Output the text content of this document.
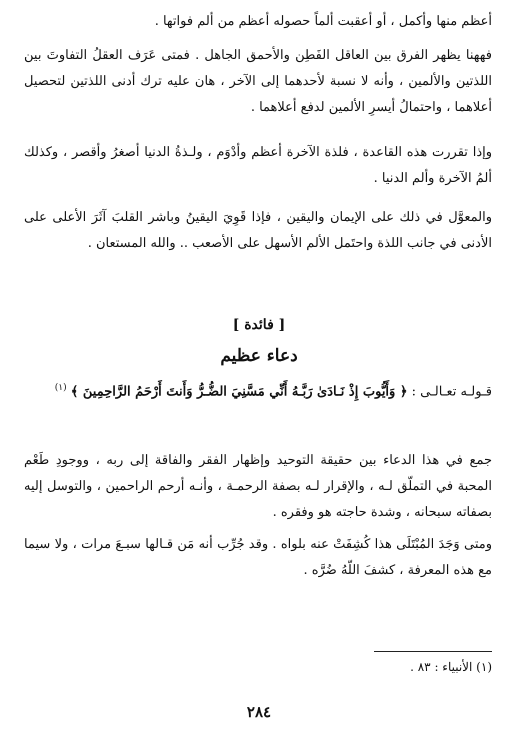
أعظم منها وأكمل ، أو أعقبت ألماً حصوله أعظم من ألم فواتها .

فههنا يظهر الفرق بين العاقل الفَطِن والأحمق الجاهل . فمتى عَرَف العقلُ التفاوتَ بين اللذتين والألمين ، وأنه لا نسبة لأحدهما إلى الآخر ، هان عليه ترك أدنى اللذتين لتحصيل أعلاهما ، واحتمالُ أيسرِ الألمين لدفع أعلاهما .

وإذا تقررت هذه القاعدة ، فلذة الآخرة أعظم وأدْوَم ، ولـذةُ الدنيا أصغرُ وأقصر ، وكذلك ألمُ الآخرة وألم الدنيا .

والمعوَّل في ذلك على الإيمان واليقين ، فإذا قَوِيَ اليقينُ وباشر القلبَ آثَرَ الأعلى على الأدنى في جانب اللذة واحتَمل الألم الأسهل على الأصعب .. والله المستعان .

[ فائدة ]

دعاء عظيم

قـولـه تعـالـى : ﴿ وَأَيُّوبَ إِذْ نَـادَىٰ رَبَّـهُ أَنِّي مَسَّنِيَ الضُّـرُّ وَأَنتَ أَرْحَمُ الرَّاحِمِينَ ﴾ $^{(١)}$

جمع في هذا الدعاء بين حقيقة التوحيد وإظهار الفقر والفاقة إلى ربه ، ووجودِ طَعْم المحبة في التملّق لـه ، والإقرار لـه بصفة الرحمـة ، وأنـه أرحم الراحمين ، والتوسل إليه بصفاته سبحانه ، وشدة حاجته هو وفقره .

ومتى وَجَدَ المُبْتَلَى هذا كُشِفَتْ عنه بلواه . وقد جُرِّب أنه مَن قـالها سبـعَ مرات ، ولا سيما مع هذه المعرفة ، كشفَ اللّهُ ضُرَّه .

(١) الأنبياء : ٨٣ .

٢٨٤
